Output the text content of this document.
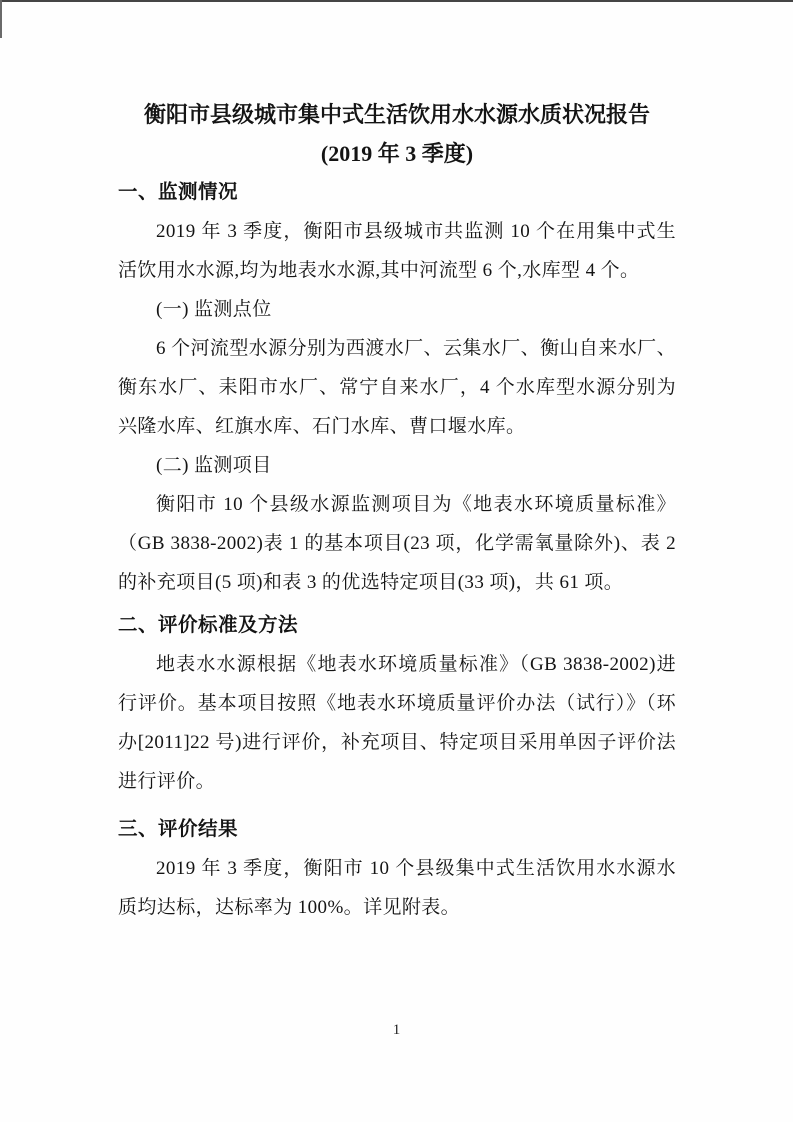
衡阳市县级城市集中式生活饮用水水源水质状况报告
(2019 年 3 季度)
一、监测情况

2019 年 3 季度，衡阳市县级城市共监测 10 个在用集中式生活饮用水水源,均为地表水水源,其中河流型 6 个,水库型 4 个。

(一) 监测点位

6 个河流型水源分别为西渡水厂、云集水厂、衡山自来水厂、衡东水厂、耒阳市水厂、常宁自来水厂，4 个水库型水源分别为兴隆水库、红旗水库、石门水库、曹口堰水库。

(二) 监测项目

衡阳市 10 个县级水源监测项目为《地表水环境质量标准》（GB 3838-2002)表 1 的基本项目(23 项，化学需氧量除外)、表 2 的补充项目(5 项)和表 3 的优选特定项目(33 项)，共 61 项。

二、评价标准及方法

地表水水源根据《地表水环境质量标准》（GB 3838-2002)进行评价。基本项目按照《地表水环境质量评价办法（试行）》（环办[2011]22 号)进行评价，补充项目、特定项目采用单因子评价法进行评价。

三、评价结果

2019 年 3 季度，衡阳市 10 个县级集中式生活饮用水水源水质均达标，达标率为 100%。详见附表。

1
